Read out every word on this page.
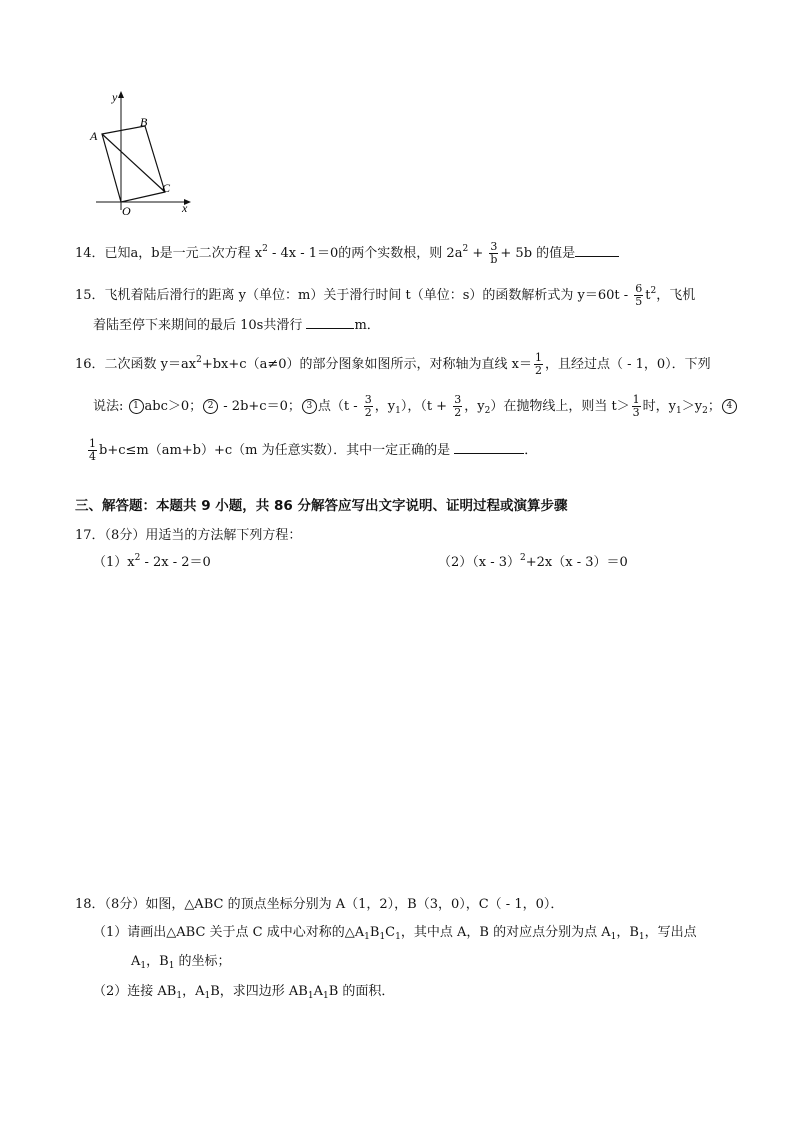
y
x
O
A
B
C
14．已知a，b是一元二次方程 $x^2 - 4x - 1=0$的两个实数根，则 $2a^2 + \frac{3}{b} + 5b$ 的值是
15．飞机着陆后滑行的距离 y（单位：m）关于滑行时间 t（单位：s）的函数解析式为 $y=60t - \frac{6}{5} t^2$，飞机
着陆至停下来期间的最后 10s共滑行	m．
16．二次函数 $y=ax^2+bx+c(a\ne 0)$的部分图象如图所示，对称轴为直线 $x= \frac{1}{2}$ ，且经过点（ - 1，0）．下列
说法: 1 abc＞0； 2 - 2b+c＝0； 3 点（$t - \frac{3}{2}$ ，$y_1$），（$t + \frac{3}{2}$ ，$y_2$）在抛物线上，则当 $t> \frac{1}{3}$ 时，$y_1>y_2$； 4
$\frac{1}{4} b+c\le m(am+b)+c(m$ 为任意实数）．其中一定正确的是	．
三、解答题：本题共 9 小题，共 86 分解答应写出文字说明、证明过程或演算步骤
17．（8分）用适当的方法解下列方程：
$(1)x^2 - 2x - 2=0$	（2）（x - 3）$^2$+2x（x - 3）＝0
18．（8分）如图，△ABC 的顶点坐标分别为 A（1，2），B（3，0），C（ - 1，0）．
（1）请画出△ABC 关于点 C 成中心对称的$\triangle A_1B_1C_1$，其中点 A，B 的对应点分别为点 $A_1$，$B_1$，写出点
$A_1$，$B_1$ 的坐标；
（2）连接 $AB_1$，$A_1B$，求四边形 $AB_1A_1B$ 的面积．
